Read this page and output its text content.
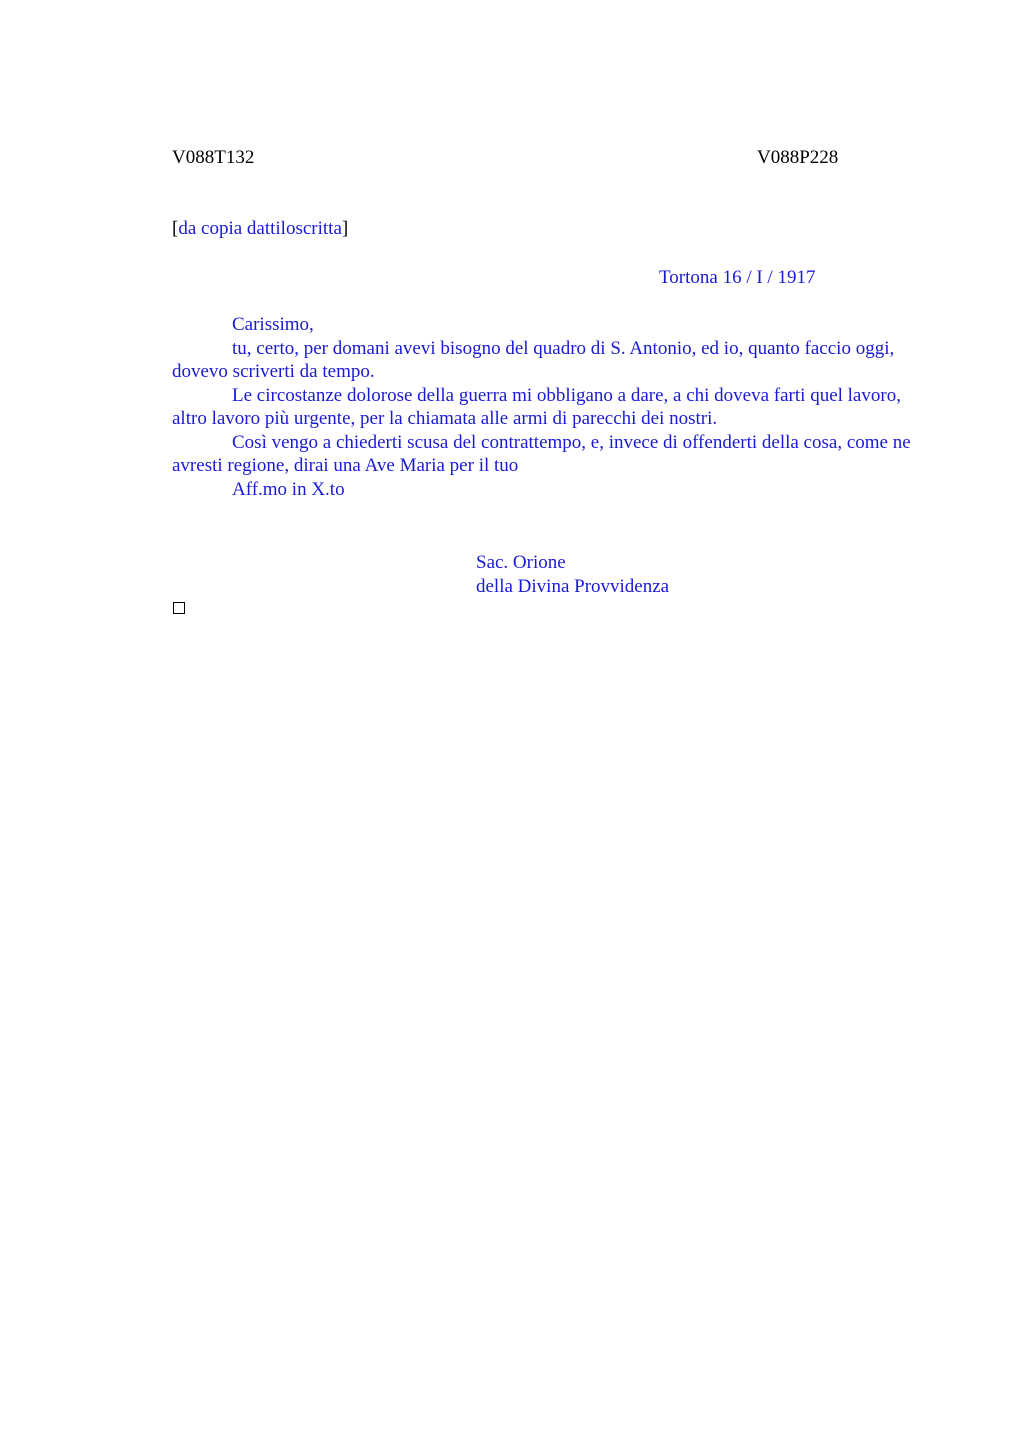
V088T132	V088P228
[da copia dattiloscritta]
Tortona 16 / I / 1917

Carissimo,

tu, certo, per domani avevi bisogno del quadro di S. Antonio, ed io, quanto faccio oggi, dovevo scriverti da tempo.

Le circostanze dolorose della guerra mi obbligano a dare, a chi doveva farti quel lavoro, altro lavoro più urgente, per la chiamata alle armi di parecchi dei nostri.

Così vengo a chiederti scusa del contrattempo, e, invece di offenderti della cosa, come ne avresti regione, dirai una Ave Maria per il tuo

Aff.mo in X.to

Sac. Orione
della Divina Provvidenza
